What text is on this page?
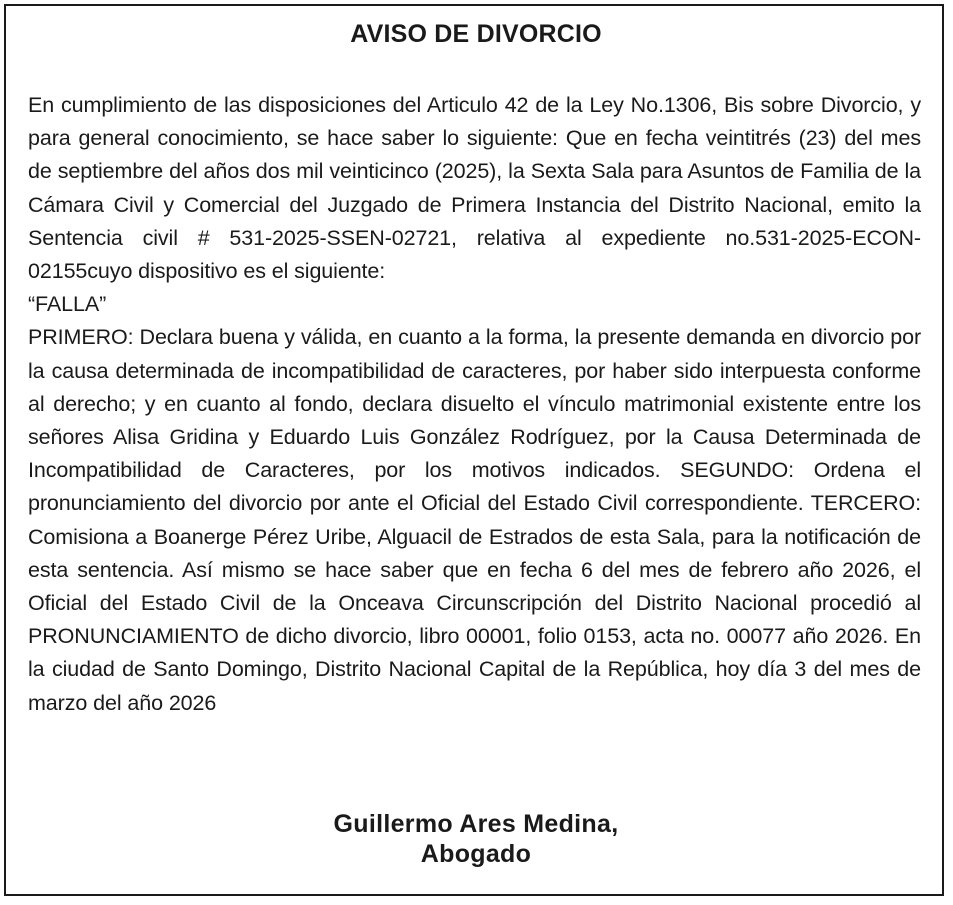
AVISO DE DIVORCIO

En cumplimiento de las disposiciones del Articulo 42 de la Ley No.1306, Bis sobre Divorcio, y para general conocimiento, se hace saber lo siguiente: Que en fecha veintitrés (23) del mes de septiembre del años dos mil veinticinco (2025), la Sexta Sala para Asuntos de Familia de la Cámara Civil y Comercial del Juzgado de Primera Instancia del Distrito Nacional, emito la Sentencia civil # 531-2025-SSEN-02721, relativa al expediente no.531-2025-ECON-02155cuyo dispositivo es el siguiente:

“FALLA”

PRIMERO: Declara buena y válida, en cuanto a la forma, la presente demanda en divorcio por la causa determinada de incompatibilidad de caracteres, por haber sido interpuesta conforme al derecho; y en cuanto al fondo, declara disuelto el vínculo matrimonial existente entre los señores Alisa Gridina y Eduardo Luis González Rodríguez, por la Causa Determinada de Incompatibilidad de Caracteres, por los motivos indicados. SEGUNDO: Ordena el pronunciamiento del divorcio por ante el Oficial del Estado Civil correspondiente. TERCERO: Comisiona a Boanerge Pérez Uribe, Alguacil de Estrados de esta Sala, para la notificación de esta sentencia. Así mismo se hace saber que en fecha 6 del mes de febrero año 2026, el Oficial del Estado Civil de la Onceava Circunscripción del Distrito Nacional procedió al PRONUNCIAMIENTO de dicho divorcio, libro 00001, folio 0153, acta no. 00077 año 2026. En la ciudad de Santo Domingo, Distrito Nacional Capital de la República, hoy día 3 del mes de marzo del año 2026

Guillermo Ares Medina,
Abogado
